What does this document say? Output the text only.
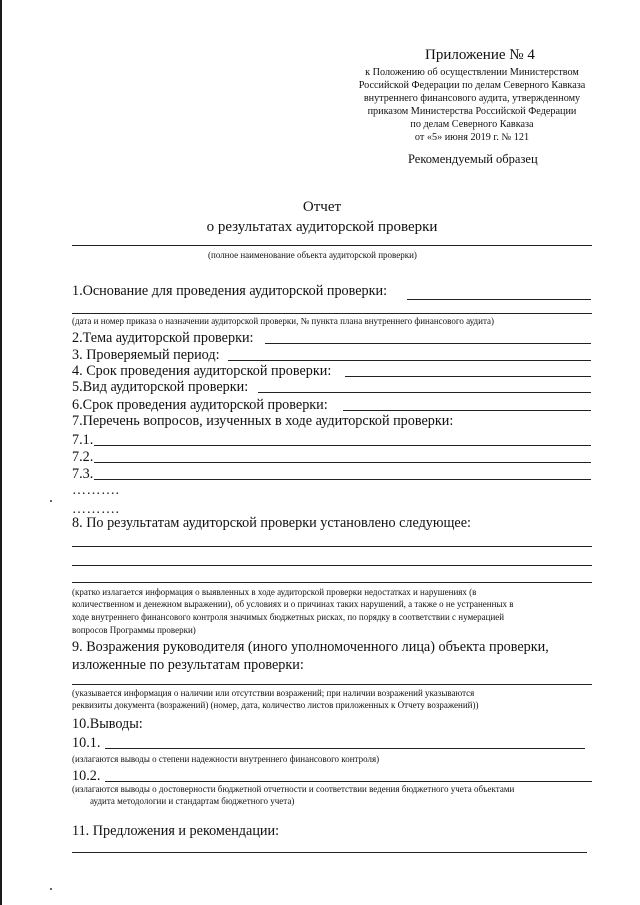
Приложение № 4
к Положению об осуществлении Министерством
Российской Федерации по делам Северного Кавказа
внутреннего финансового аудита, утвержденному
приказом Министерства Российской Федерации
по делам Северного Кавказа
от «5» июня 2019 г. № 121
Рекомендуемый образец
Отчет
о результатах аудиторской проверки
(полное наименование объекта аудиторской проверки)
1.Основание для проведения аудиторской проверки:
(дата и номер приказа о назначении аудиторской проверки, № пункта плана внутреннего финансового аудита)
2.Тема аудиторской проверки:
3. Проверяемый период:
4. Срок проведения аудиторской проверки:
5.Вид аудиторской проверки:
6.Срок проведения аудиторской проверки:
7.Перечень вопросов, изученных в ходе аудиторской проверки:
7.1.
7.2.
7.3.
……….
……….
8. По результатам аудиторской проверки установлено следующее:
(кратко излагается информация о выявленных в ходе аудиторской проверки недостатках и нарушениях (в
количественном и денежном выражении), об условиях и о причинах таких нарушений, а также о не устраненных в
ходе внутреннего финансового контроля значимых бюджетных рисках, по порядку в соответствии с нумерацией
вопросов Программы проверки)
9. Возражения руководителя (иного уполномоченного лица) объекта проверки,
изложенные по результатам проверки:
(указывается информация о наличии или отсутствии возражений; при наличии возражений указываются
реквизиты документа (возражений) (номер, дата, количество листов приложенных к Отчету возражений))
10.Выводы:
10.1.
(излагаются выводы о степени надежности внутреннего финансового контроля)
10.2.
(излагаются выводы о достоверности бюджетной отчетности и соответствии ведения бюджетного учета объектами
аудита методологии и стандартам бюджетного учета)
11. Предложения и рекомендации:
